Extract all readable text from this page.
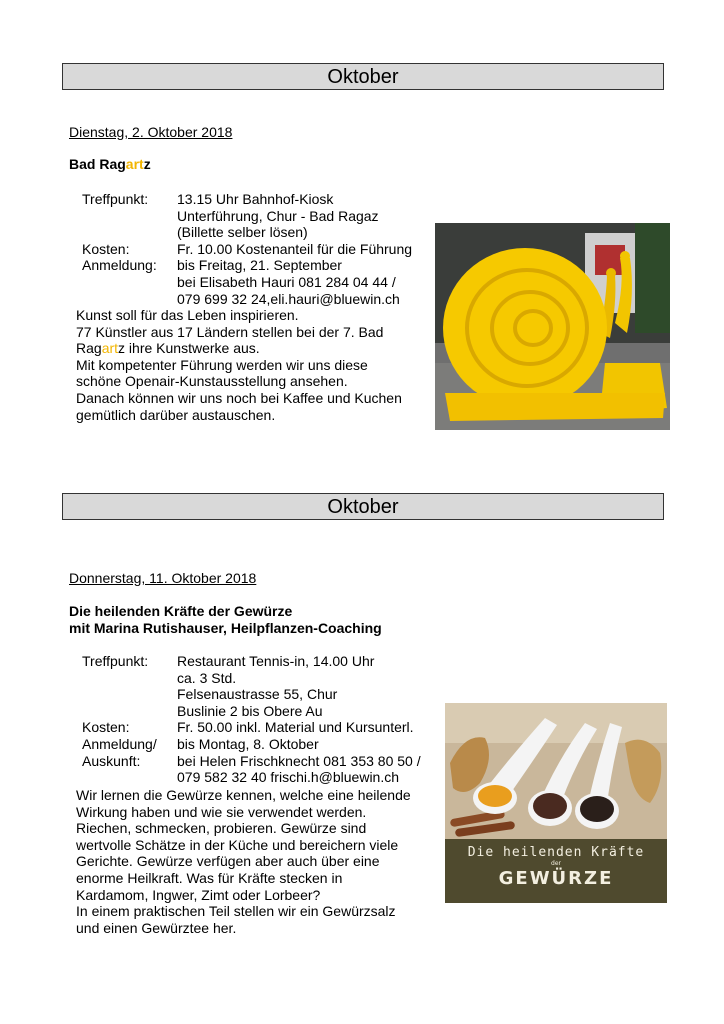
Oktober
Dienstag, 2. Oktober 2018
Bad Ragartz
Treffpunkt:	13.15 Uhr Bahnhof-Kiosk
Unterführung, Chur - Bad Ragaz
(Billette selber lösen)
Kosten:	Fr. 10.00 Kostenanteil für die Führung
Anmeldung:	bis Freitag, 21. September
bei Elisabeth Hauri 081 284 04 44 /
079 699 32 24,eli.hauri@bluewin.ch
Kunst soll für das Leben inspirieren.
77 Künstler aus 17 Ländern stellen bei der 7. Bad
Ragartz ihre Kunstwerke aus.
Mit kompetenter Führung werden wir uns diese
schöne Openair-Kunstausstellung ansehen.
Danach können wir uns noch bei Kaffee und Kuchen
gemütlich darüber austauschen.
Oktober
Donnerstag, 11. Oktober 2018
Die heilenden Kräfte der Gewürze
mit Marina Rutishauser, Heilpflanzen-Coaching
Treffpunkt:	Restaurant Tennis-in, 14.00 Uhr
ca. 3 Std.
Felsenaustrasse 55, Chur
Buslinie 2 bis Obere Au
Kosten:	Fr. 50.00 inkl. Material und Kursunterl.
Anmeldung/	bis Montag, 8. Oktober
Auskunft:	bei Helen Frischknecht 081 353 80 50 /
079 582 32 40 frischi.h@bluewin.ch
Wir lernen die Gewürze kennen, welche eine heilende
Wirkung haben und wie sie verwendet werden.
Riechen, schmecken, probieren. Gewürze sind
wertvolle Schätze in der Küche und bereichern viele
Gerichte. Gewürze verfügen aber auch über eine
enorme Heilkraft. Was für Kräfte stecken in
Kardamom, Ingwer, Zimt oder Lorbeer?
In einem praktischen Teil stellen wir ein Gewürzsalz
und einen Gewürztee her.
Die heilenden Kräfte
der
GEWÜRZE
